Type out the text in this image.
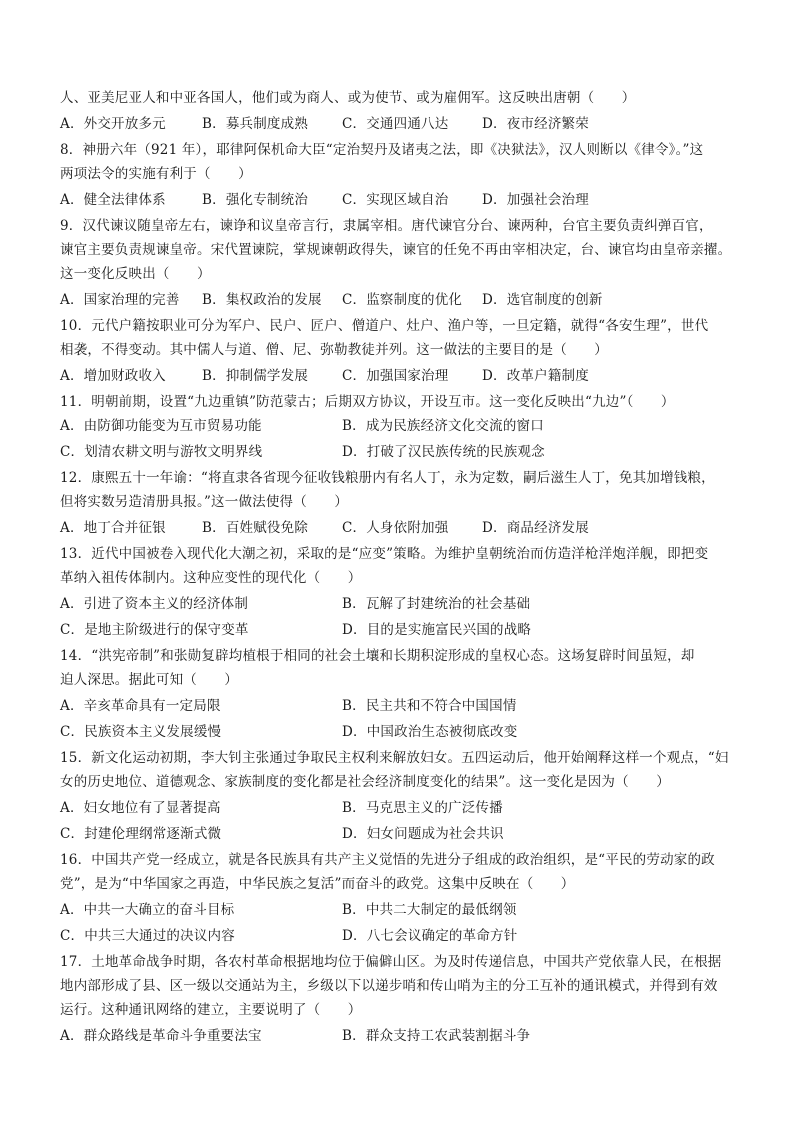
人、亚美尼亚人和中亚各国人，他们或为商人、或为使节、或为雇佣军。这反映出唐朝（　　）
A．外交开放多元	B．募兵制度成熟	C．交通四通八达 D．夜市经济繁荣
8．神册六年（921 年），耶律阿保机命大臣“定治契丹及诸夷之法，即《决狱法》，汉人则断以《律令》。”这
两项法令的实施有利于（　　）
A．健全法律体系	B．强化专制统治	C．实现区域自治 D．加强社会治理
9．汉代谏议随皇帝左右，谏诤和议皇帝言行，隶属宰相。唐代谏官分台、谏两种，台官主要负责纠弹百官，
谏官主要负责规谏皇帝。宋代置谏院，掌规谏朝政得失，谏官的任免不再由宰相决定，台、谏官均由皇帝亲擢。
这一变化反映出（　　）
A．国家治理的完善 B．集权政治的发展 C．监察制度的优化 D．选官制度的创新
10．元代户籍按职业可分为军户、民户、匠户、僧道户、灶户、渔户等，一旦定籍，就得“各安生理”，世代
相袭，不得变动。其中儒人与道、僧、尼、弥勒教徒并列。这一做法的主要目的是（　　）
A．增加财政收入	B．抑制儒学发展	C．加强国家治理 D．改革户籍制度
11．明朝前期，设置“九边重镇”防范蒙古；后期双方协议，开设互市。这一变化反映出“九边”（　　）
A．由防御功能变为互市贸易功能	B．成为民族经济文化交流的窗口
C．划清农耕文明与游牧文明界线	D．打破了汉民族传统的民族观念
12．康熙五十一年谕：“将直隶各省现今征收钱粮册内有名人丁，永为定数，嗣后滋生人丁，免其加增钱粮，
但将实数另造清册具报。”这一做法使得（　　）
A．地丁合并征银	B．百姓赋役免除	C．人身依附加强 D．商品经济发展
13．近代中国被卷入现代化大潮之初，采取的是“应变”策略。为维护皇朝统治而仿造洋枪洋炮洋舰，即把变
革纳入祖传体制内。这种应变性的现代化（　　）
A．引进了资本主义的经济体制	B．瓦解了封建统治的社会基础
C．是地主阶级进行的保守变革	D．目的是实施富民兴国的战略
14．“洪宪帝制”和张勋复辟均植根于相同的社会土壤和长期积淀形成的皇权心态。这场复辟时间虽短，却
迫人深思。据此可知（　　）
A．辛亥革命具有一定局限	B．民主共和不符合中国国情
C．民族资本主义发展缓慢	D．中国政治生态被彻底改变
15．新文化运动初期，李大钊主张通过争取民主权利来解放妇女。五四运动后，他开始阐释这样一个观点，“妇
女的历史地位、道德观念、家族制度的变化都是社会经济制度变化的结果”。这一变化是因为（　　）
A．妇女地位有了显著提高	B．马克思主义的广泛传播
C．封建伦理纲常逐渐式微	D．妇女问题成为社会共识
16．中国共产党一经成立，就是各民族具有共产主义觉悟的先进分子组成的政治组织，是“平民的劳动家的政
党”，是为“中华国家之再造，中华民族之复活”而奋斗的政党。这集中反映在（　　）
A．中共一大确立的奋斗目标	B．中共二大制定的最低纲领
C．中共三大通过的决议内容	D．八七会议确定的革命方针
17．土地革命战争时期，各农村革命根据地均位于偏僻山区。为及时传递信息，中国共产党依靠人民，在根据
地内部形成了县、区一级以交通站为主，乡级以下以递步哨和传山哨为主的分工互补的通讯模式，并得到有效
运行。这种通讯网络的建立，主要说明了（　　）
A．群众路线是革命斗争重要法宝	B．群众支持工农武装割据斗争
